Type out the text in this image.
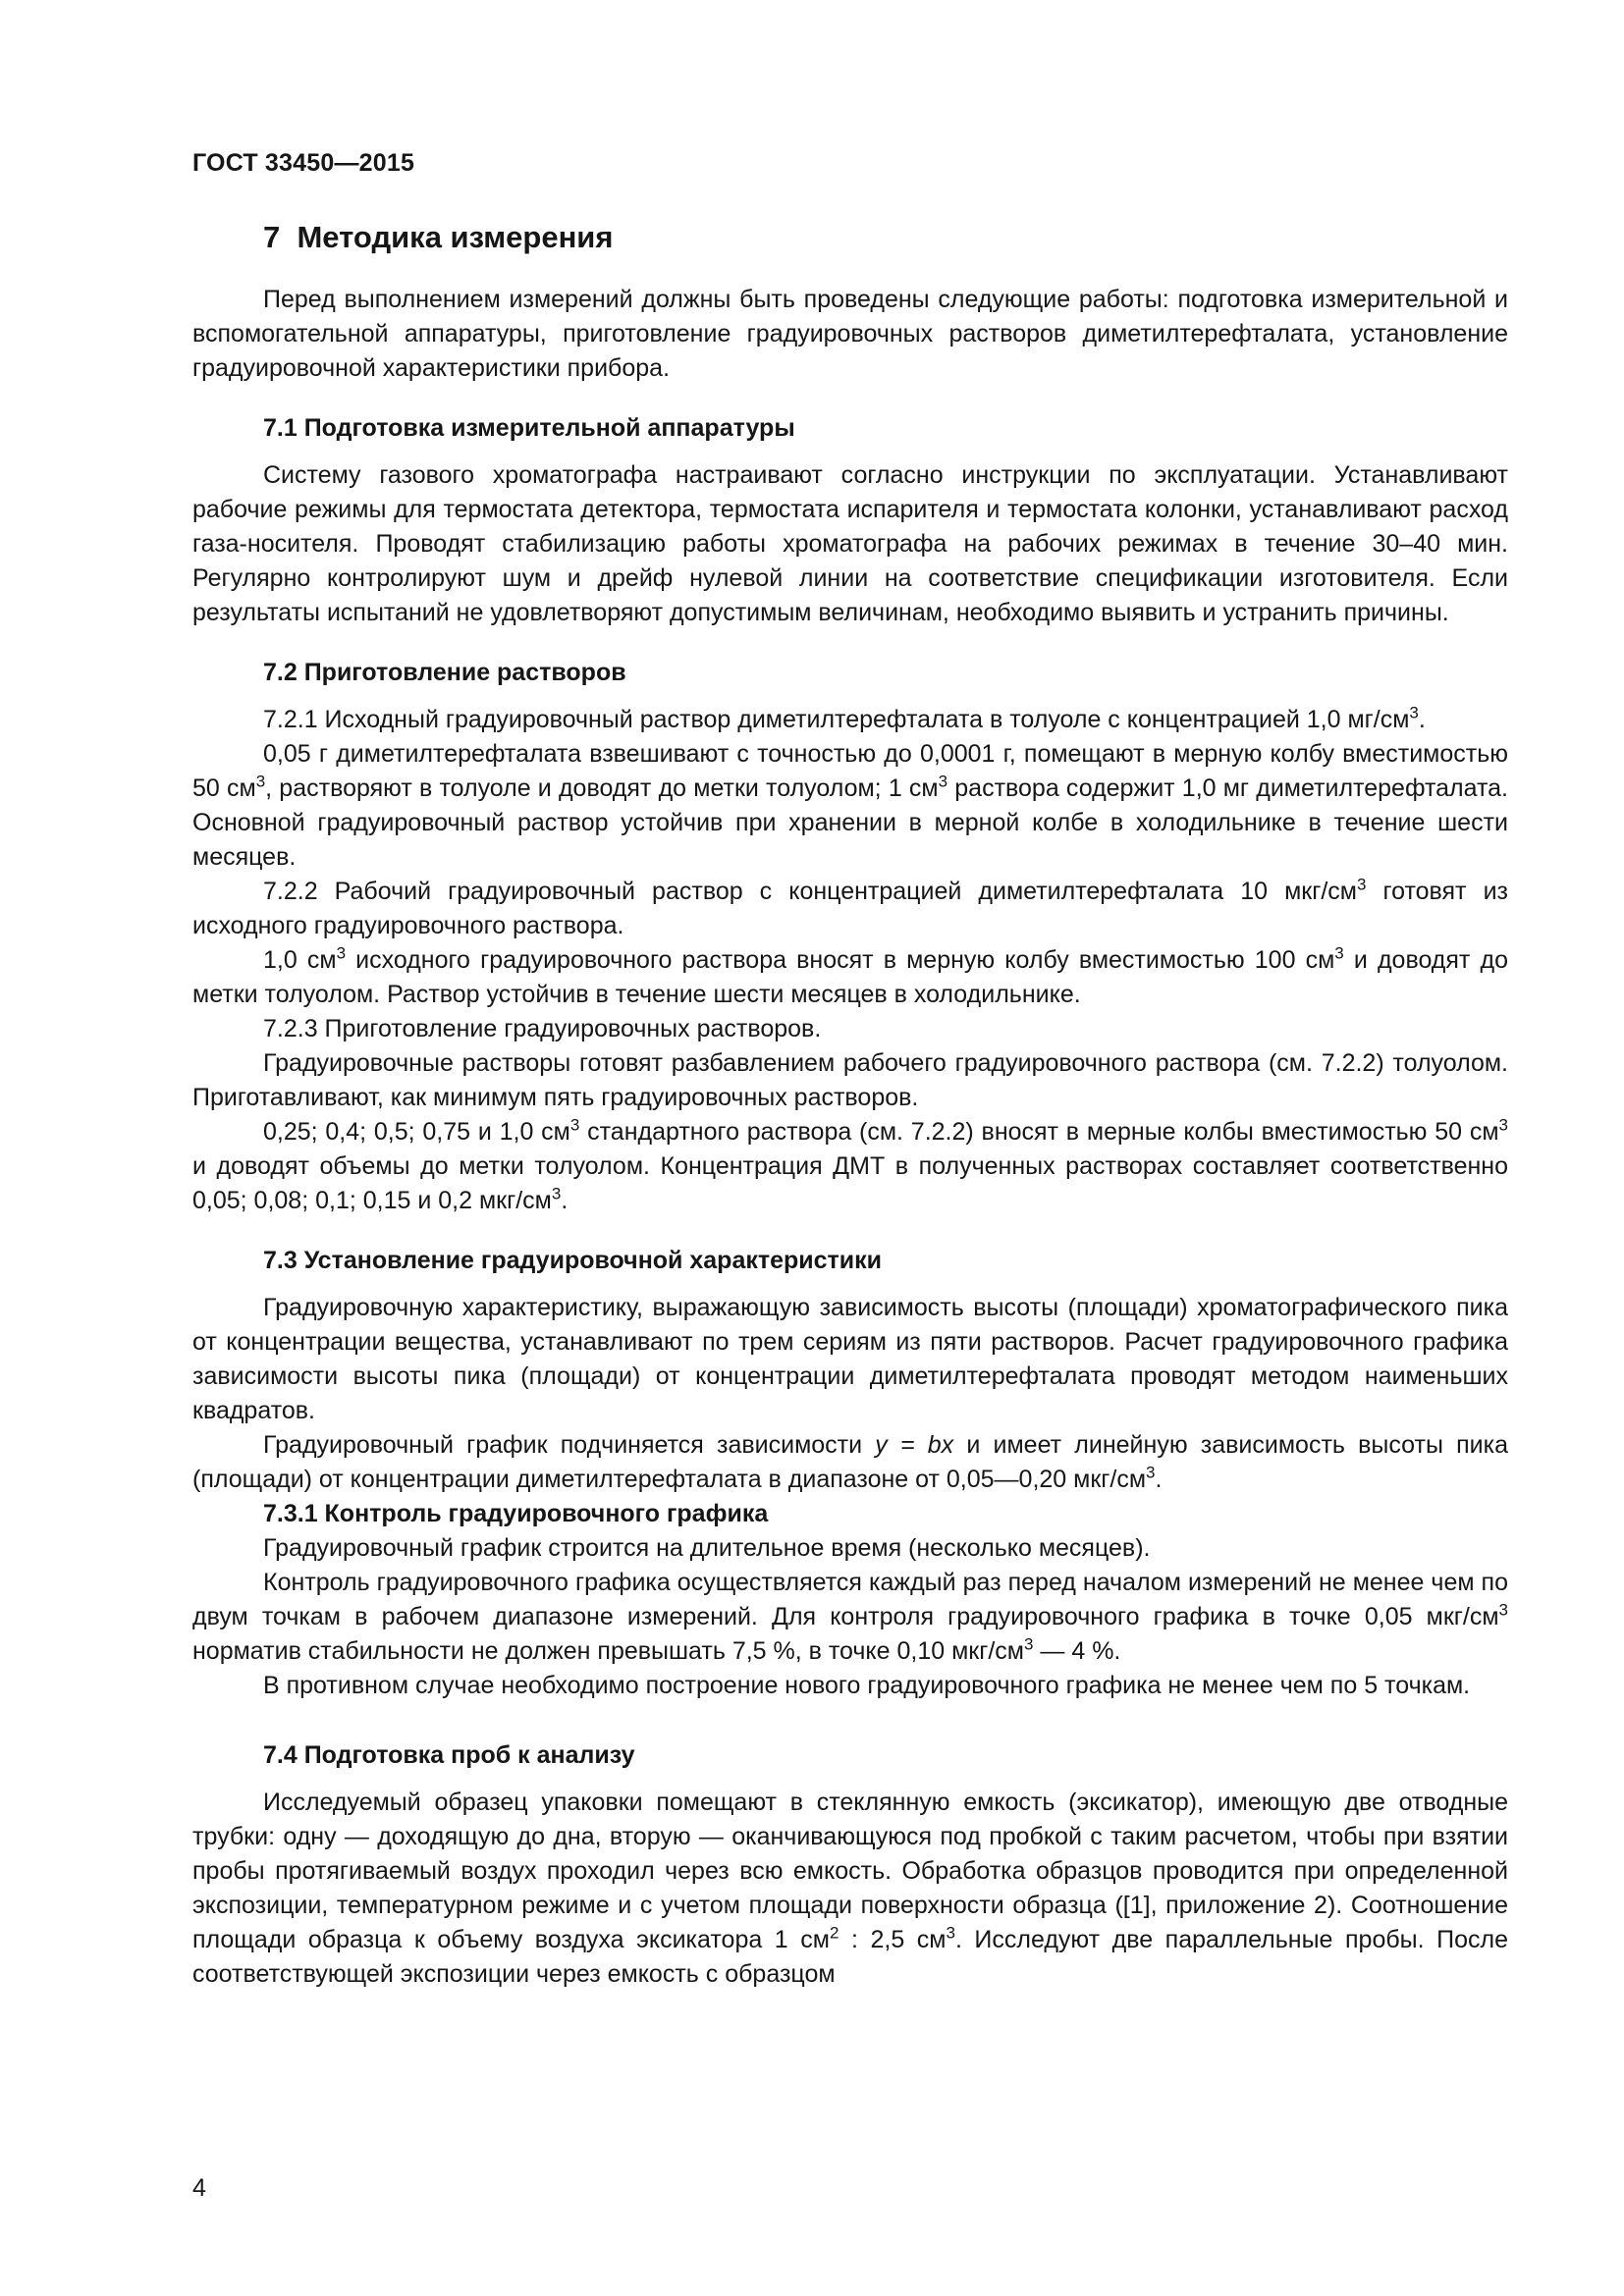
ГОСТ 33450—2015
7 Методика измерения

Перед выполнением измерений должны быть проведены следующие работы: подготовка измерительной и вспомогательной аппаратуры, приготовление градуировочных растворов диметилтерефталата, установление градуировочной характеристики прибора.

7.1 Подготовка измерительной аппаратуры

Систему газового хроматографа настраивают согласно инструкции по эксплуатации. Устанавливают рабочие режимы для термостата детектора, термостата испарителя и термостата колонки, устанавливают расход газа-носителя. Проводят стабилизацию работы хроматографа на рабочих режимах в течение 30–40 мин. Регулярно контролируют шум и дрейф нулевой линии на соответствие спецификации изготовителя. Если результаты испытаний не удовлетворяют допустимым величинам, необходимо выявить и устранить причины.

7.2 Приготовление растворов

7.2.1 Исходный градуировочный раствор диметилтерефталата в толуоле с концентрацией 1,0 $мг/см^3$.

0,05 г диметилтерефталата взвешивают с точностью до 0,0001 г, помещают в мерную колбу вместимостью 50 $см^3$, растворяют в толуоле и доводят до метки толуолом; 1 $см^3$ раствора содержит 1,0 мг диметилтерефталата. Основной градуировочный раствор устойчив при хранении в мерной колбе в холодильнике в течение шести месяцев.

7.2.2 Рабочий градуировочный раствор с концентрацией диметилтерефталата 10 мкг/$см^3$ готовят из исходного градуировочного раствора.

1,0 $см^3$ исходного градуировочного раствора вносят в мерную колбу вместимостью 100 $см^3$ и доводят до метки толуолом. Раствор устойчив в течение шести месяцев в холодильнике.

7.2.3 Приготовление градуировочных растворов.

Градуировочные растворы готовят разбавлением рабочего градуировочного раствора (см. 7.2.2) толуолом. Приготавливают, как минимум пять градуировочных растворов.

0,25; 0,4; 0,5; 0,75 и 1,0 $см^3$ стандартного раствора (см. 7.2.2) вносят в мерные колбы вместимостью 50 $см^3$ и доводят объемы до метки толуолом. Концентрация ДМТ в полученных растворах составляет соответственно 0,05; 0,08; 0,1; 0,15 и 0,2 мкг/$см^3$.

7.3 Установление градуировочной характеристики

Градуировочную характеристику, выражающую зависимость высоты (площади) хроматографического пика от концентрации вещества, устанавливают по трем сериям из пяти растворов. Расчет градуировочного графика зависимости высоты пика (площади) от концентрации диметилтерефталата проводят методом наименьших квадратов.

Градуировочный график подчиняется зависимости y = bx и имеет линейную зависимость высоты пика (площади) от концентрации диметилтерефталата в диапазоне от 0,05—0,20 мкг/$см^3$.

7.3.1 Контроль градуировочного графика

Градуировочный график строится на длительное время (несколько месяцев).

Контроль градуировочного графика осуществляется каждый раз перед началом измерений не менее чем по двум точкам в рабочем диапазоне измерений. Для контроля градуировочного графика в точке 0,05 мкг/$см^3$ норматив стабильности не должен превышать 7,5 %, в точке 0,10 мкг/$см^3$ — 4 %.

В противном случае необходимо построение нового градуировочного графика не менее чем по 5 точкам.

7.4 Подготовка проб к анализу

Исследуемый образец упаковки помещают в стеклянную емкость (эксикатор), имеющую две отводные трубки: одну — доходящую до дна, вторую — оканчивающуюся под пробкой с таким расчетом, чтобы при взятии пробы протягиваемый воздух проходил через всю емкость. Обработка образцов проводится при определенной экспозиции, температурном режиме и с учетом площади поверхности образца ([1], приложение 2). Соотношение площади образца к объему воздуха эксикатора 1 $см^2$ : 2,5 $см^3$. Исследуют две параллельные пробы. После соответствующей экспозиции через емкость с образцом

4
